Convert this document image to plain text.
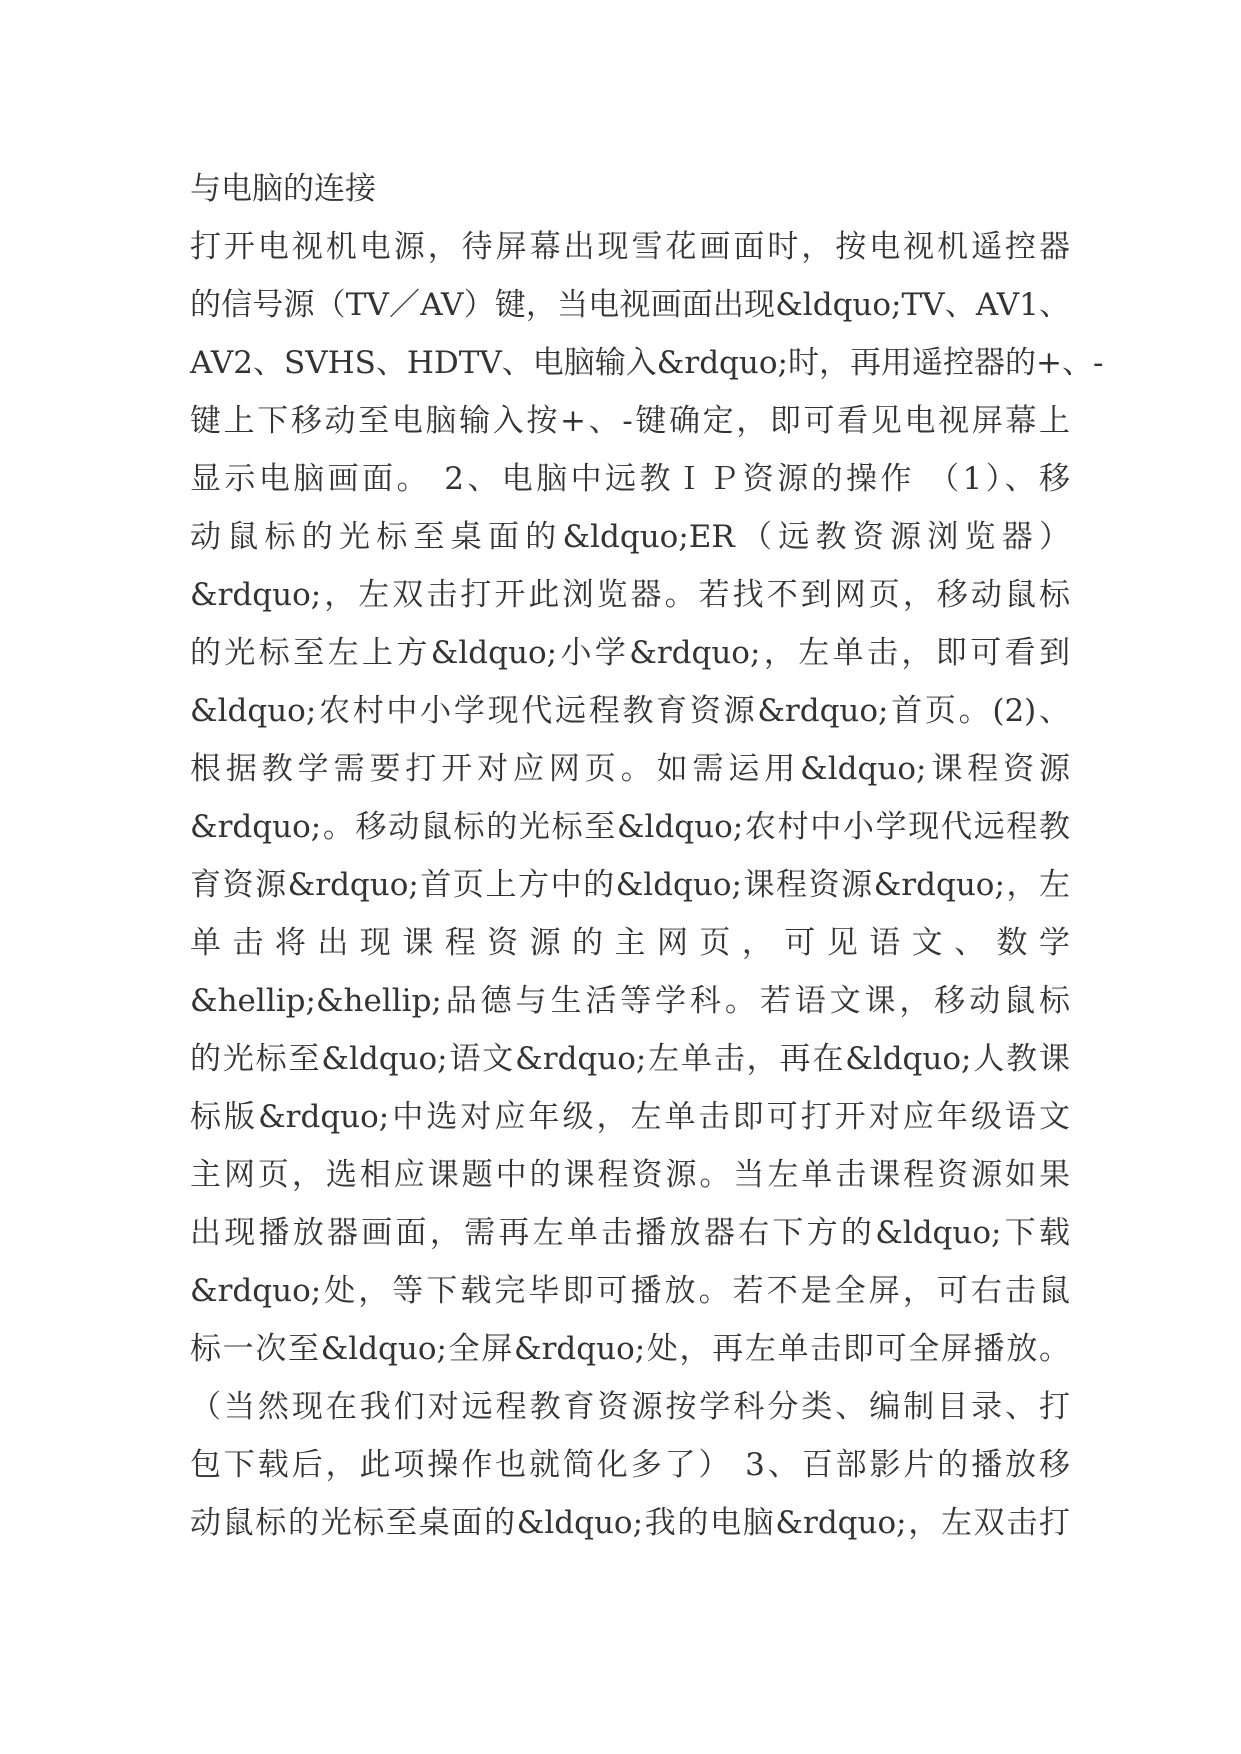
与电脑的连接
打开电视机电源，待屏幕出现雪花画面时，按电视机遥控器
的信号源（TV／AV）键，当电视画面出现&ldquo;TV、AV1、
AV2、SVHS、HDTV、电脑输入&rdquo;时，再用遥控器的+、-
键上下移动至电脑输入按+、-键确定，即可看见电视屏幕上
显示电脑画面。 2、电脑中远教ＩＰ资源的操作 （1）、移
动鼠标的光标至桌面的&ldquo;ER（远教资源浏览器）
&rdquo;，左双击打开此浏览器。若找不到网页，移动鼠标
的光标至左上方&ldquo;小学&rdquo;，左单击，即可看到
&ldquo;农村中小学现代远程教育资源&rdquo;首页。(2)、
根据教学需要打开对应网页。如需运用&ldquo;课程资源
&rdquo;。移动鼠标的光标至&ldquo;农村中小学现代远程教
育资源&rdquo;首页上方中的&ldquo;课程资源&rdquo;，左
单击将出现课程资源的主网页，可见语文、数学
&hellip;&hellip;品德与生活等学科。若语文课，移动鼠标
的光标至&ldquo;语文&rdquo;左单击，再在&ldquo;人教课
标版&rdquo;中选对应年级，左单击即可打开对应年级语文
主网页，选相应课题中的课程资源。当左单击课程资源如果
出现播放器画面，需再左单击播放器右下方的&ldquo;下载
&rdquo;处，等下载完毕即可播放。若不是全屏，可右击鼠
标一次至&ldquo;全屏&rdquo;处，再左单击即可全屏播放。
（当然现在我们对远程教育资源按学科分类、编制目录、打
包下载后，此项操作也就简化多了） 3、百部影片的播放移
动鼠标的光标至桌面的&ldquo;我的电脑&rdquo;，左双击打
